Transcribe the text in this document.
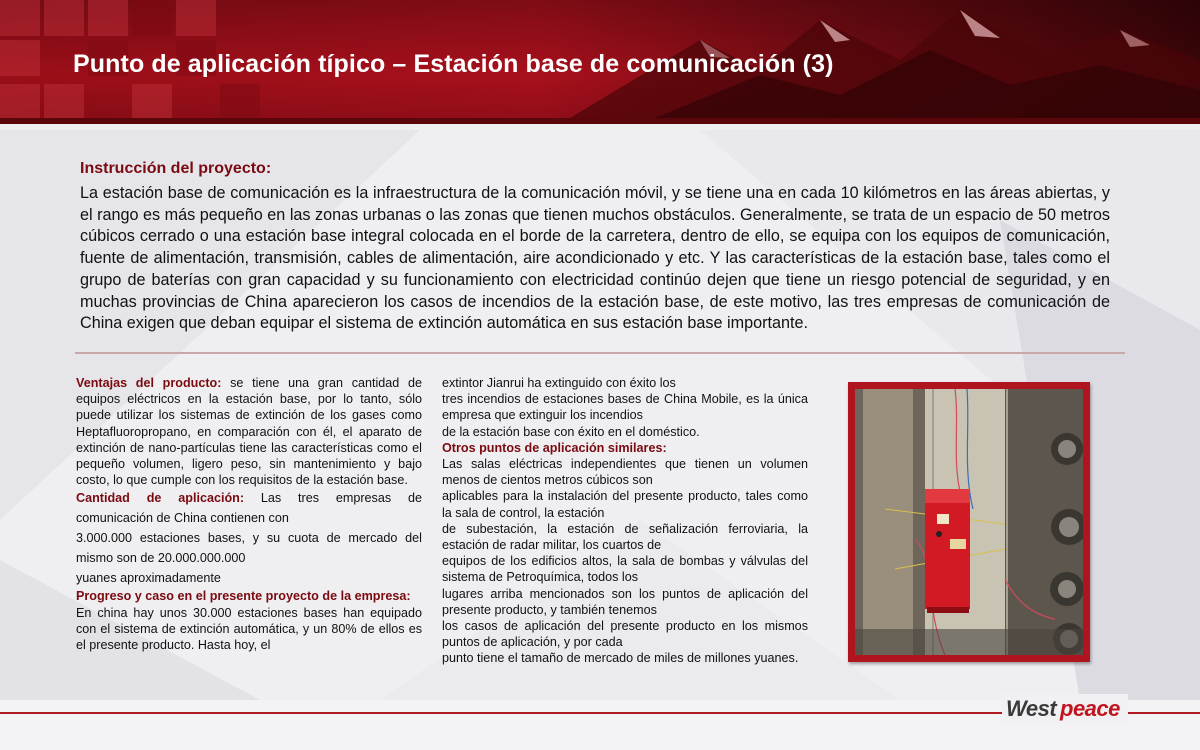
Punto de aplicación típico – Estación base de comunicación (3)
Instrucción del proyecto:

La estación base de comunicación es la infraestructura de la comunicación móvil, y se tiene una en cada 10 kilómetros en las áreas abiertas, y el rango es más pequeño en las zonas urbanas o las zonas que tienen muchos obstáculos. Generalmente, se trata de un espacio de 50 metros cúbicos cerrado o una estación base integral colocada en el borde de la carretera, dentro de ello, se equipa con los equipos de comunicación, fuente de alimentación, transmisión, cables de alimentación, aire acondicionado y etc. Y las características de la estación base, tales como el grupo de baterías con gran capacidad y su funcionamiento con electricidad continúo dejen que tiene un riesgo potencial de seguridad, y en muchas provincias de China aparecieron los casos de incendios de la estación base, de este motivo, las tres empresas de comunicación de China exigen que deban equipar el sistema de extinción automática en sus estación base importante.

Ventajas del producto: se tiene una gran cantidad de equipos eléctricos en la estación base, por lo tanto, sólo puede utilizar los sistemas de extinción de los gases como Heptafluoropropano, en comparación con él, el aparato de extinción de nano-partículas tiene las características como el pequeño volumen, ligero peso, sin mantenimiento y bajo costo, lo que cumple con los requisitos de la estación base.

Cantidad de aplicación: Las tres empresas de comunicación de China contienen con

3.000.000 estaciones bases, y su cuota de mercado del mismo son de 20.000.000.000

yuanes aproximadamente

Progreso y caso en el presente proyecto de la empresa:

En china hay unos 30.000 estaciones bases han equipado con el sistema de extinción automática, y un 80% de ellos es el presente producto. Hasta hoy, el

extintor Jianrui ha extinguido con éxito los

tres incendios de estaciones bases de China Mobile, es la única empresa que extinguir los incendios

de la estación base con éxito en el doméstico.

Otros puntos de aplicación similares:

Las salas eléctricas independientes que tienen un volumen menos de cientos metros cúbicos son

aplicables para la instalación del presente producto, tales como la sala de control, la estación

de subestación, la estación de señalización ferroviaria, la estación de radar militar, los cuartos de

equipos de los edificios altos, la sala de bombas y válvulas del sistema de Petroquímica, todos los

lugares arriba mencionados son los puntos de aplicación del presente producto, y también tenemos

los casos de aplicación del presente producto en los mismos puntos de aplicación, y por cada

punto tiene el tamaño de mercado de miles de millones yuanes.

West peace
